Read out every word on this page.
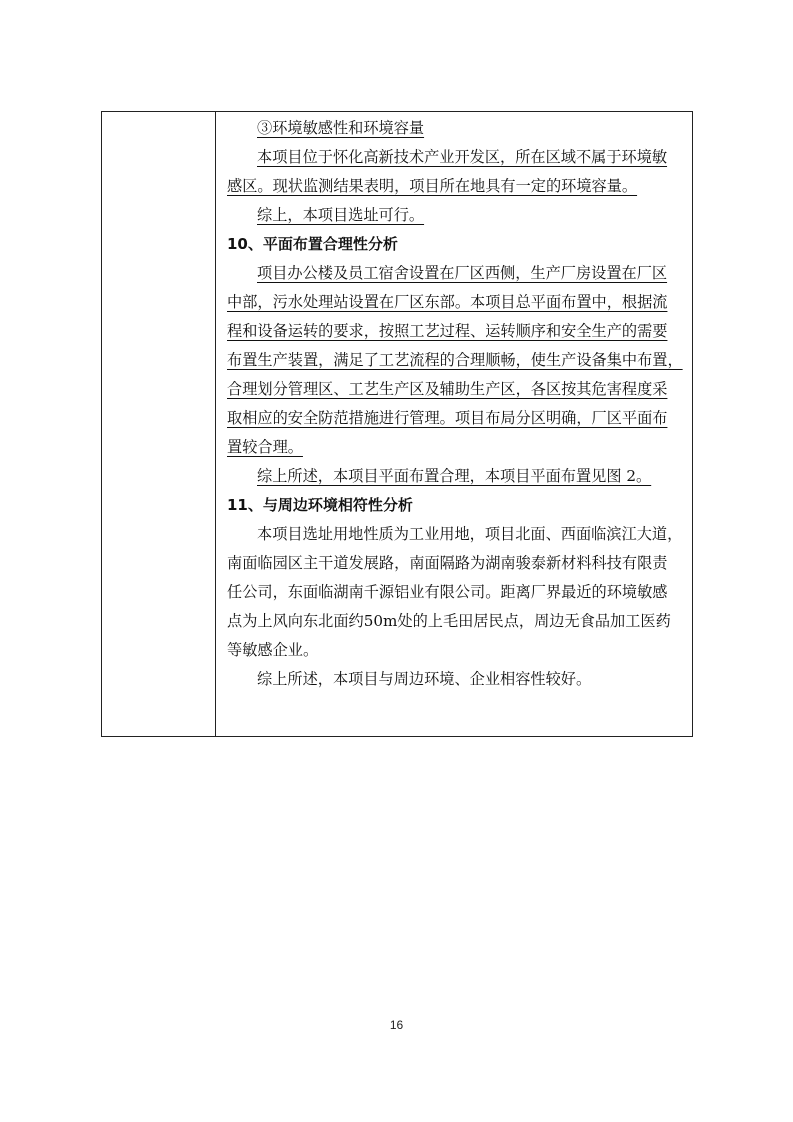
③环境敏感性和环境容量
本项目位于怀化高新技术产业开发区，所在区域不属于环境敏
感区。现状监测结果表明，项目所在地具有一定的环境容量。
综上，本项目选址可行。
10、平面布置合理性分析
项目办公楼及员工宿舍设置在厂区西侧，生产厂房设置在厂区
中部，污水处理站设置在厂区东部。本项目总平面布置中，根据流
程和设备运转的要求，按照工艺过程、运转顺序和安全生产的需要
布置生产装置，满足了工艺流程的合理顺畅，使生产设备集中布置，
合理划分管理区、工艺生产区及辅助生产区，各区按其危害程度采
取相应的安全防范措施进行管理。项目布局分区明确，厂区平面布
置较合理。
综上所述，本项目平面布置合理，本项目平面布置见图 2。
11、与周边环境相符性分析
本项目选址用地性质为工业用地，项目北面、西面临滨江大道，
南面临园区主干道发展路，南面隔路为湖南骏泰新材料科技有限责
任公司，东面临湖南千源铝业有限公司。距离厂界最近的环境敏感
点为上风向东北面约50m处的上毛田居民点，周边无食品加工医药
等敏感企业。
综上所述，本项目与周边环境、企业相容性较好。
16
